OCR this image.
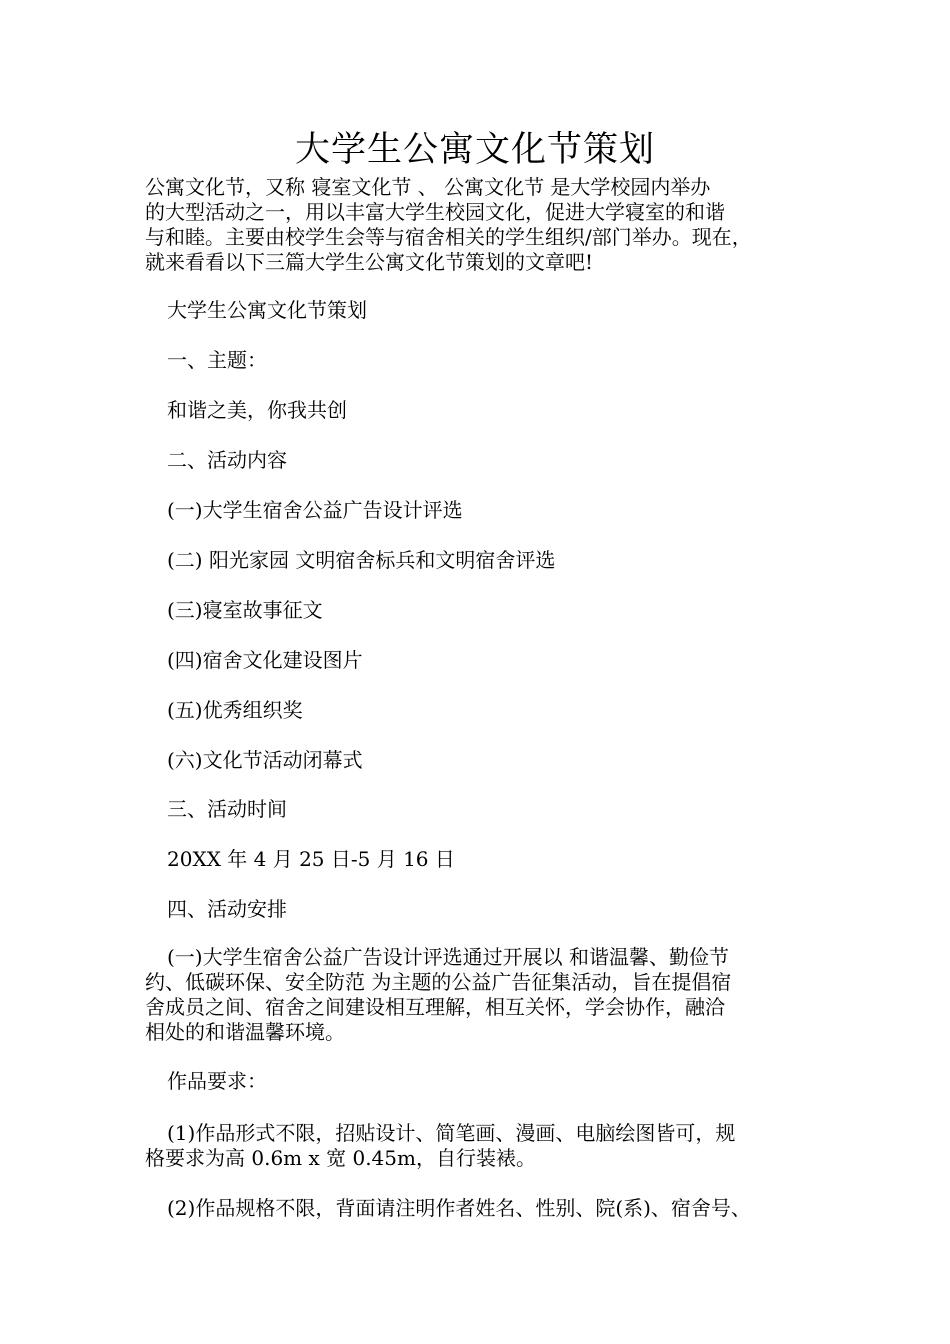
大学生公寓文化节策划
公寓文化节，又称 寝室文化节 、 公寓文化节 是大学校园内举办
的大型活动之一，用以丰富大学生校园文化，促进大学寝室的和谐
与和睦。主要由校学生会等与宿舍相关的学生组织/部门举办。现在，
就来看看以下三篇大学生公寓文化节策划的文章吧!
大学生公寓文化节策划
一、主题：
和谐之美，你我共创
二、活动内容
(一)大学生宿舍公益广告设计评选
(二) 阳光家园 文明宿舍标兵和文明宿舍评选
(三)寝室故事征文
(四)宿舍文化建设图片
(五)优秀组织奖
(六)文化节活动闭幕式
三、活动时间
20XX 年 4 月 25 日-5 月 16 日
四、活动安排
(一)大学生宿舍公益广告设计评选通过开展以 和谐温馨、勤俭节
约、低碳环保、安全防范 为主题的公益广告征集活动，旨在提倡宿
舍成员之间、宿舍之间建设相互理解，相互关怀，学会协作，融洽
相处的和谐温馨环境。
作品要求：
(1)作品形式不限，招贴设计、简笔画、漫画、电脑绘图皆可，规
格要求为高 0.6m x 宽 0.45m，自行装裱。
(2)作品规格不限，背面请注明作者姓名、性别、院(系)、宿舍号、
